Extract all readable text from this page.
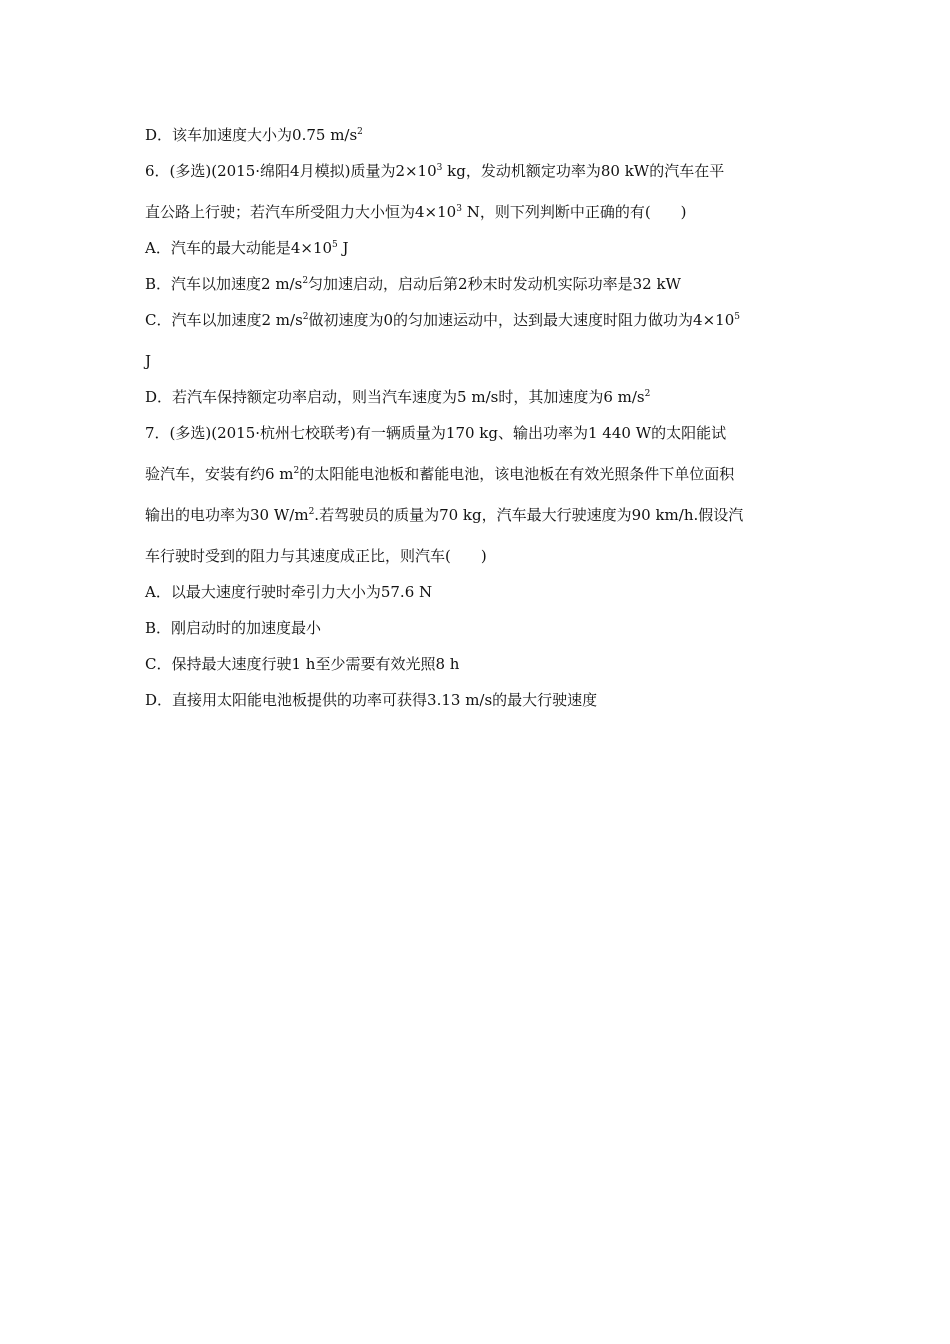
D．该车加速度大小为0.75 $m/s^2$

6．(多选)(2015·绵阳4月模拟)质量为$2\times 10^3$ kg，发动机额定功率为80 kW的汽车在平

直公路上行驶；若汽车所受阻力大小恒为$4\times 10^3$ N，则下列判断中正确的有(　　)

A．汽车的最大动能是$4\times 10^5$ J

B．汽车以加速度2 $m/s^2$匀加速启动，启动后第2秒末时发动机实际功率是32 kW

C．汽车以加速度2 $m/s^2$做初速度为0的匀加速运动中，达到最大速度时阻力做功为$4\times 10^5$

J

D．若汽车保持额定功率启动，则当汽车速度为5 m/s时，其加速度为6 $m/s^2$

7．(多选)(2015·杭州七校联考)有一辆质量为170 kg、输出功率为1 440 W的太阳能试

验汽车，安装有约6 $m^2$的太阳能电池板和蓄能电池，该电池板在有效光照条件下单位面积

输出的电功率为30 $W/m^2$.若驾驶员的质量为70 kg，汽车最大行驶速度为90 km/h.假设汽

车行驶时受到的阻力与其速度成正比，则汽车(　　)

A．以最大速度行驶时牵引力大小为57.6 N

B．刚启动时的加速度最小

C．保持最大速度行驶1 h至少需要有效光照8 h

D．直接用太阳能电池板提供的功率可获得3.13 m/s的最大行驶速度
